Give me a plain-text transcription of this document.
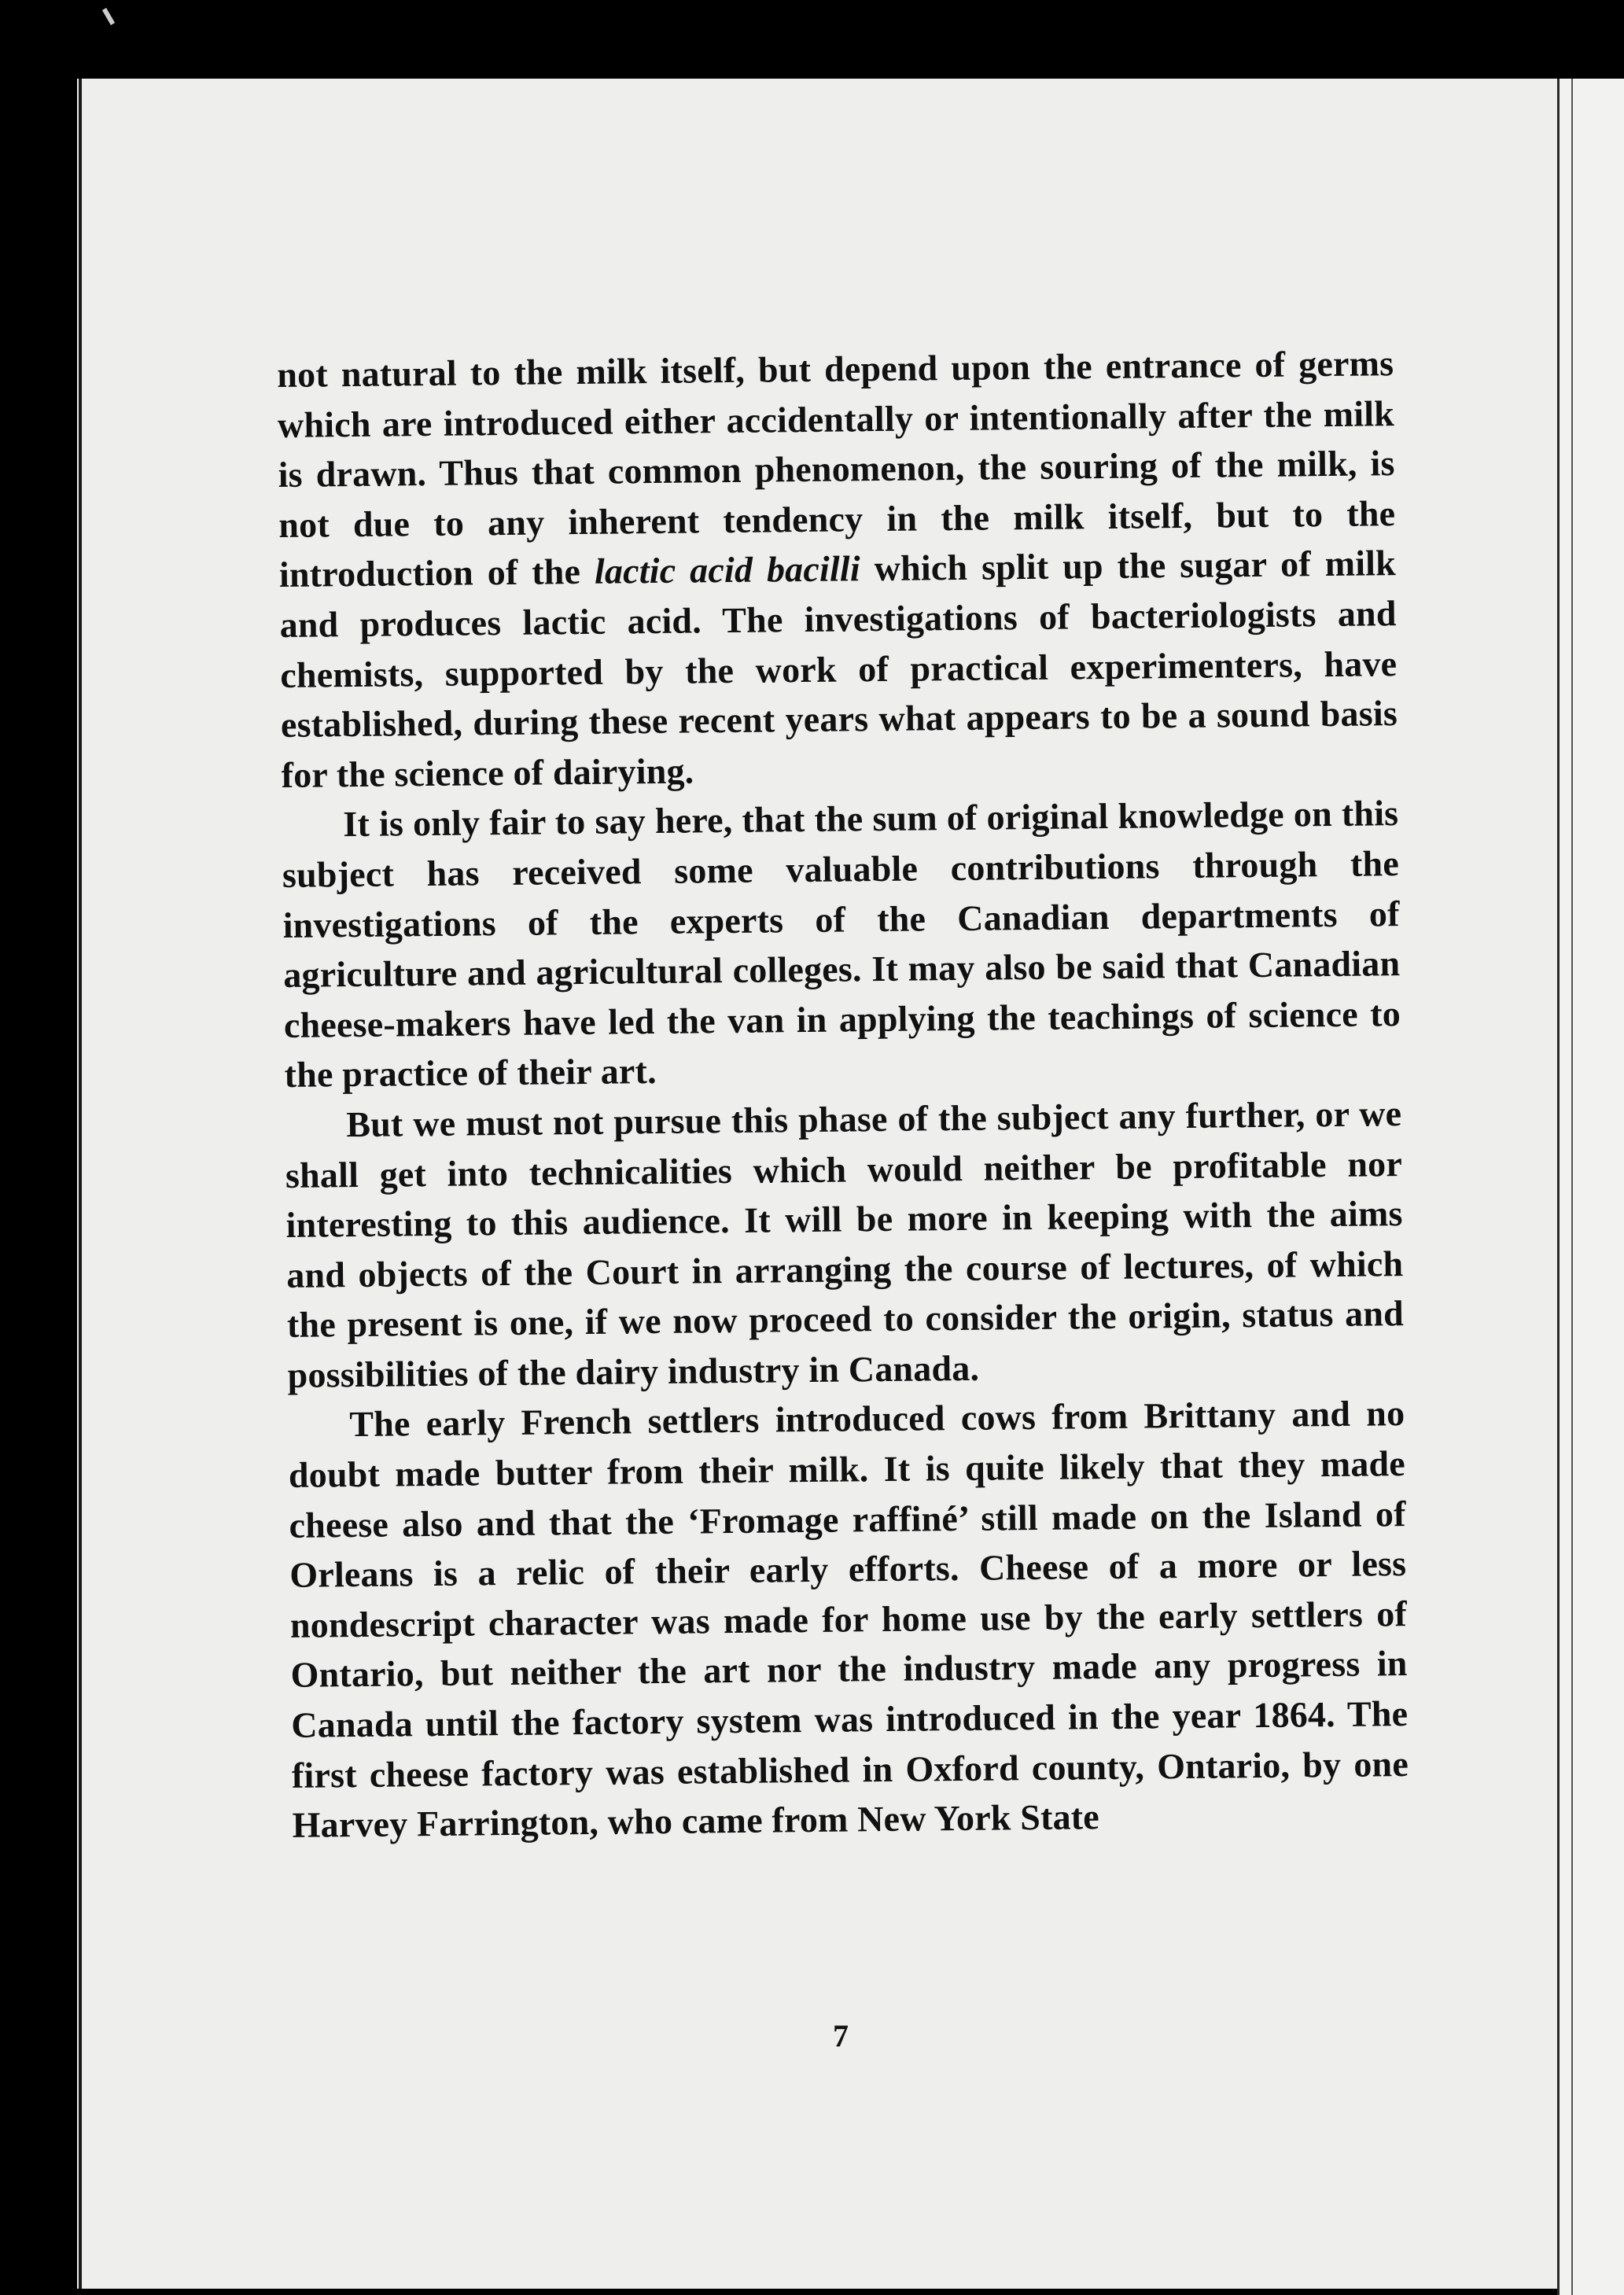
not natural to the milk itself, but depend upon the entrance of germs which are introduced either accidentally or intentionally after the milk is drawn. Thus that common phenomenon, the souring of the milk, is not due to any inherent tendency in the milk itself, but to the introduction of the lactic acid bacilli which split up the sugar of milk and produces lactic acid. The investigations of bacteriologists and chemists, supported by the work of practical experimenters, have established, during these recent years what appears to be a sound basis for the science of dairying.

It is only fair to say here, that the sum of original knowledge on this subject has received some valuable contributions through the investigations of the experts of the Canadian departments of agriculture and agricultural colleges. It may also be said that Canadian cheese-makers have led the van in applying the teachings of science to the practice of their art.

But we must not pursue this phase of the subject any further, or we shall get into technicalities which would neither be profitable nor interesting to this audience. It will be more in keeping with the aims and objects of the Court in arranging the course of lectures, of which the present is one, if we now proceed to consider the origin, status and possibilities of the dairy industry in Canada.

The early French settlers introduced cows from Brittany and no doubt made butter from their milk. It is quite likely that they made cheese also and that the ‘Fromage raffiné’ still made on the Island of Orleans is a relic of their early efforts. Cheese of a more or less nondescript character was made for home use by the early settlers of Ontario, but neither the art nor the industry made any progress in Canada until the factory system was introduced in the year 1864. The first cheese factory was established in Oxford county, Ontario, by one Harvey Farrington, who came from New York State

7
